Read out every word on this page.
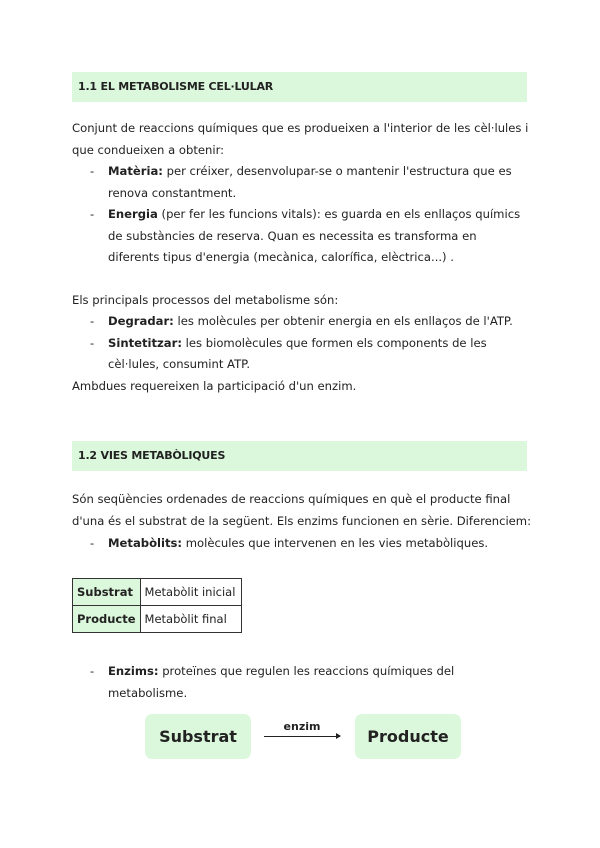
1.1 EL METABOLISME CEL·LULAR
Conjunt de reaccions químiques que es produeixen a l'interior de les cèl·lules i que condueixen a obtenir:
- Matèria: per créixer, desenvolupar-se o mantenir l'estructura que es renova constantment.
- Energia (per fer les funcions vitals): es guarda en els enllaços químics de substàncies de reserva. Quan es necessita es transforma en diferents tipus d'energia (mecànica, calorífica, elèctrica...) .
Els principals processos del metabolisme són:
- Degradar: les molècules per obtenir energia en els enllaços de l'ATP.
- Sintetitzar: les biomolècules que formen els components de les cèl·lules, consumint ATP.
Ambdues requereixen la participació d'un enzim.
1.2 VIES METABÒLIQUES
Són seqüències ordenades de reaccions químiques en què el producte final d'una és el substrat de la següent. Els enzims funcionen en sèrie. Diferenciem:
- Metabòlits: molècules que intervenen en les vies metabòliques.
Substrat	Metabòlit inicial
Producte	Metabòlit final
- Enzims: proteïnes que regulen les reaccions químiques del metabolisme.
Substrat
enzim
Producte
